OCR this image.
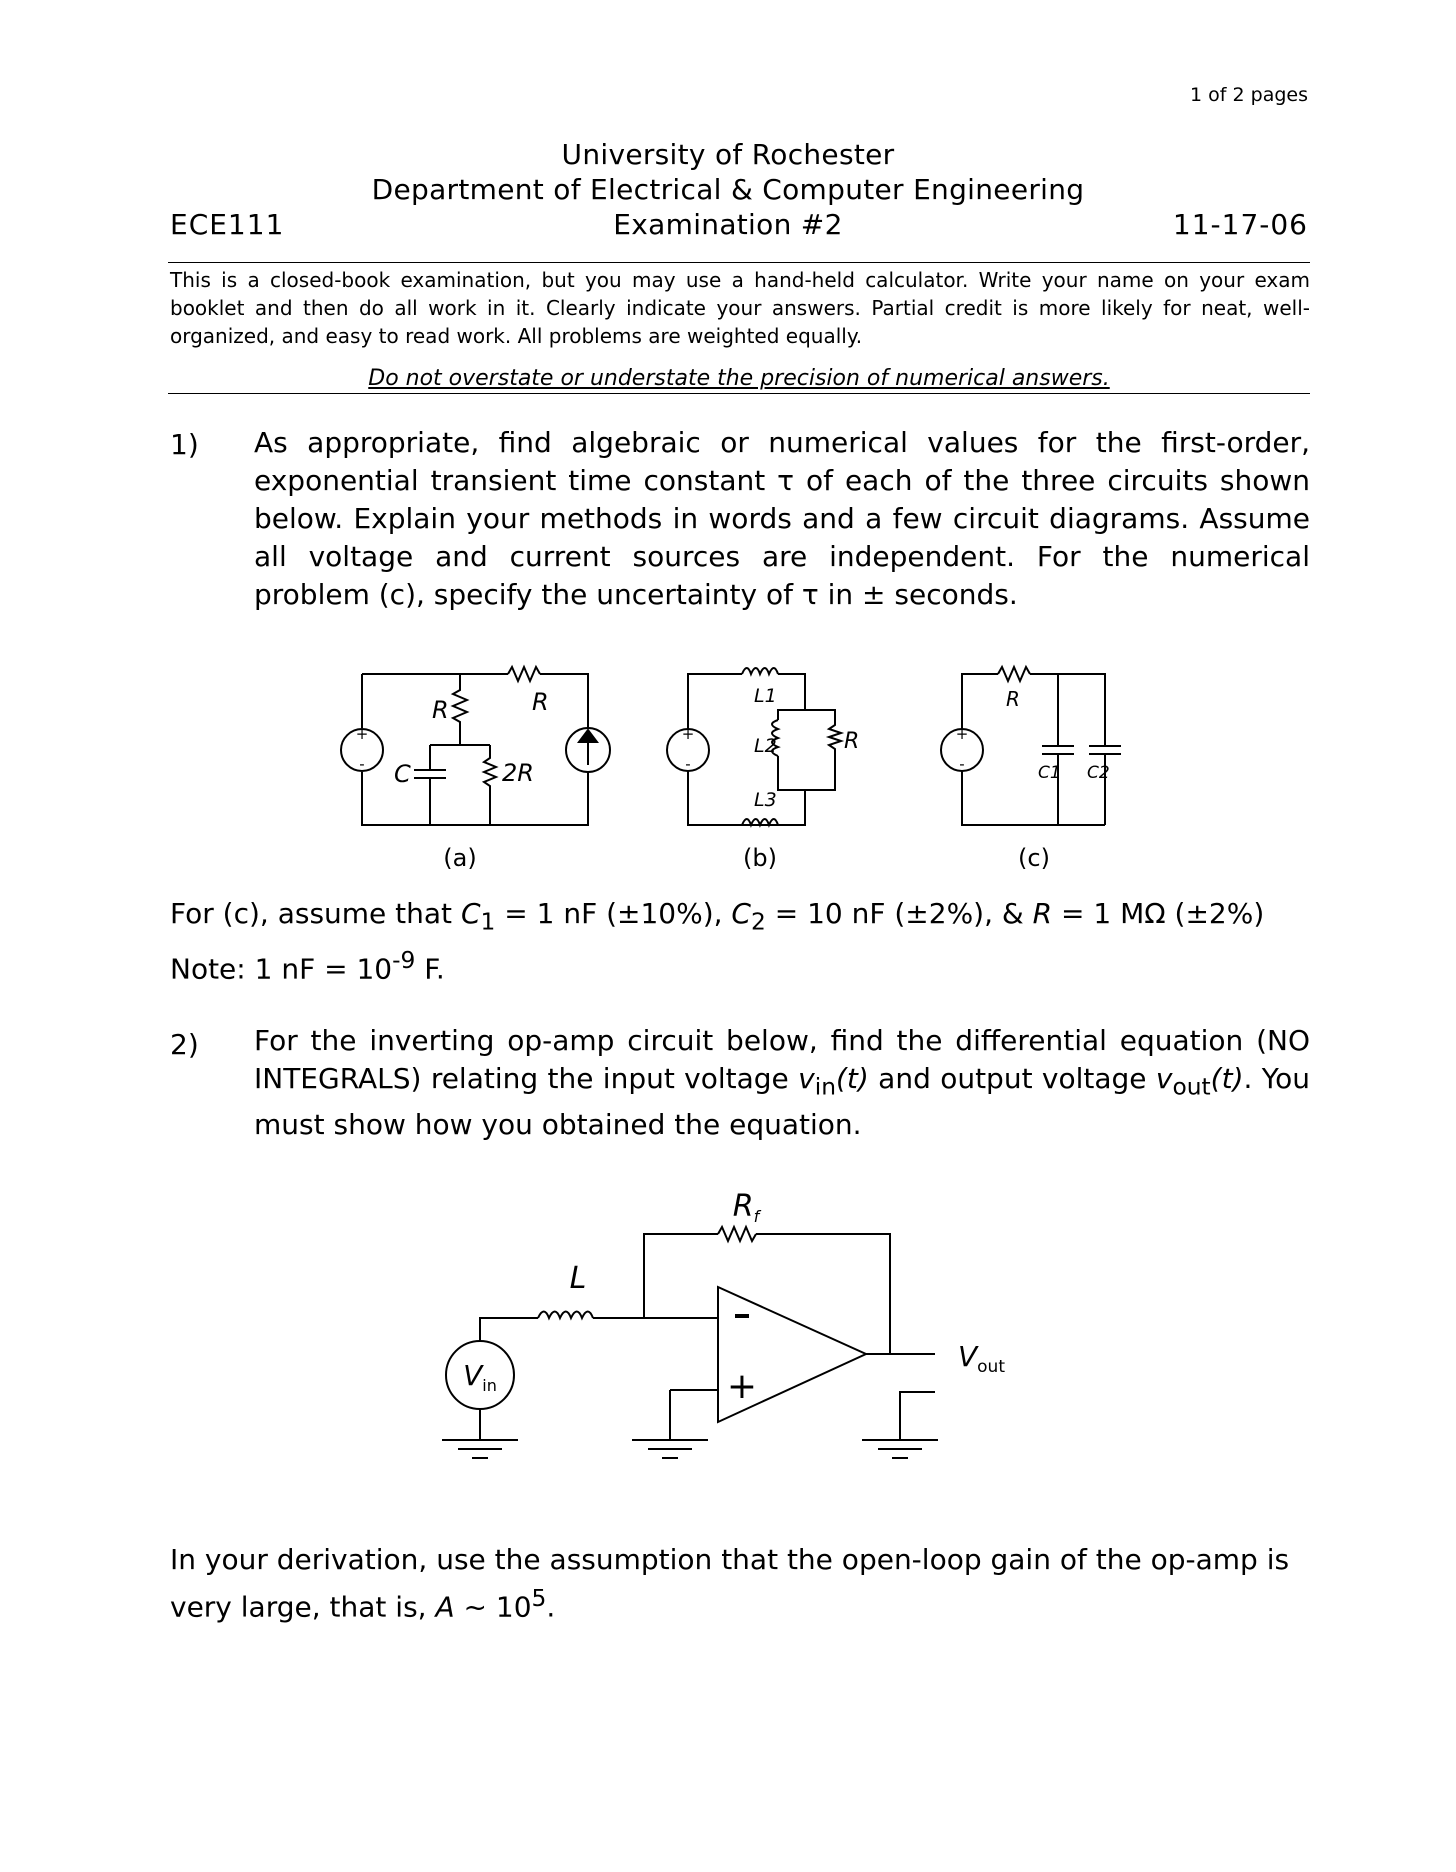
1 of 2 pages
University of Rochester
Department of Electrical & Computer Engineering
Examination #2
ECE111	11-17-06
This is a closed-book examination, but you may use a hand-held calculator. Write your name on your exam booklet and then do all work in it. Clearly indicate your answers. Partial credit is more likely for neat, well-organized, and easy to read work. All problems are weighted equally.
Do not overstate or understate the precision of numerical answers.
1) As appropriate, find algebraic or numerical values for the first-order, exponential transient time constant τ of each of the three circuits shown below. Explain your methods in words and a few circuit diagrams. Assume all voltage and current sources are independent. For the numerical problem (c), specify the uncertainty of τ in ± seconds.
+
-
R
R
C	2R
(a)
+
-
L1
L2
L3
R
(b)
+
-
R
C1 C2
(c)
For (c), assume that $C_1 = 1$ nF (±10%), $C_2 = 10$ nF (±2%), & R = 1 MΩ (±2%)
Note: 1 nF = $10^{-9}$ F.
2) For the inverting op-amp circuit below, find the differential equation (NO INTEGRALS) relating the input voltage $v_{in}(t)$ and output voltage $v_{out}(t)$. You must show how you obtained the equation.
+
$R_f$
L
$V_{in}$
$V_{out}$
In your derivation, use the assumption that the open-loop gain of the op-amp is very large, that is, A ~ $10^5$.
